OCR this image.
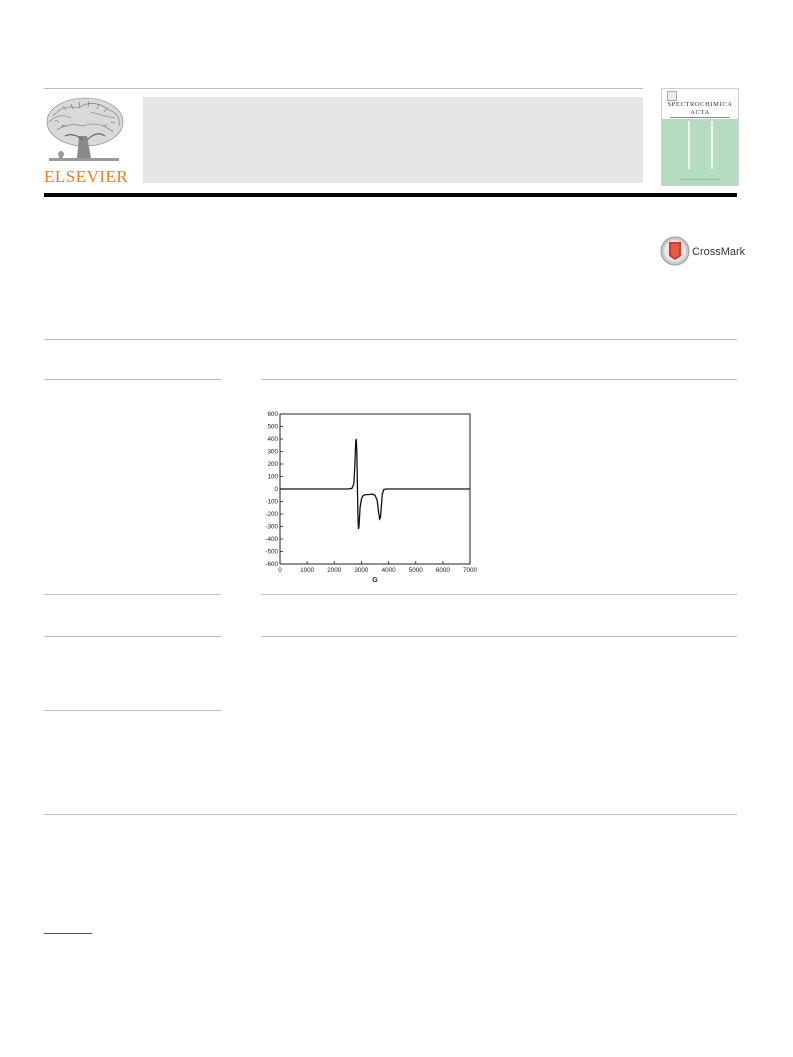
ELSEVIER
SPECTROCHIMICA
ACTA
CrossMark
600
500
400
300
200
100
0
-100
-200
-300
-400
-500
-600
0	1000 2000 3000 4000 5000 6000 7000
G
